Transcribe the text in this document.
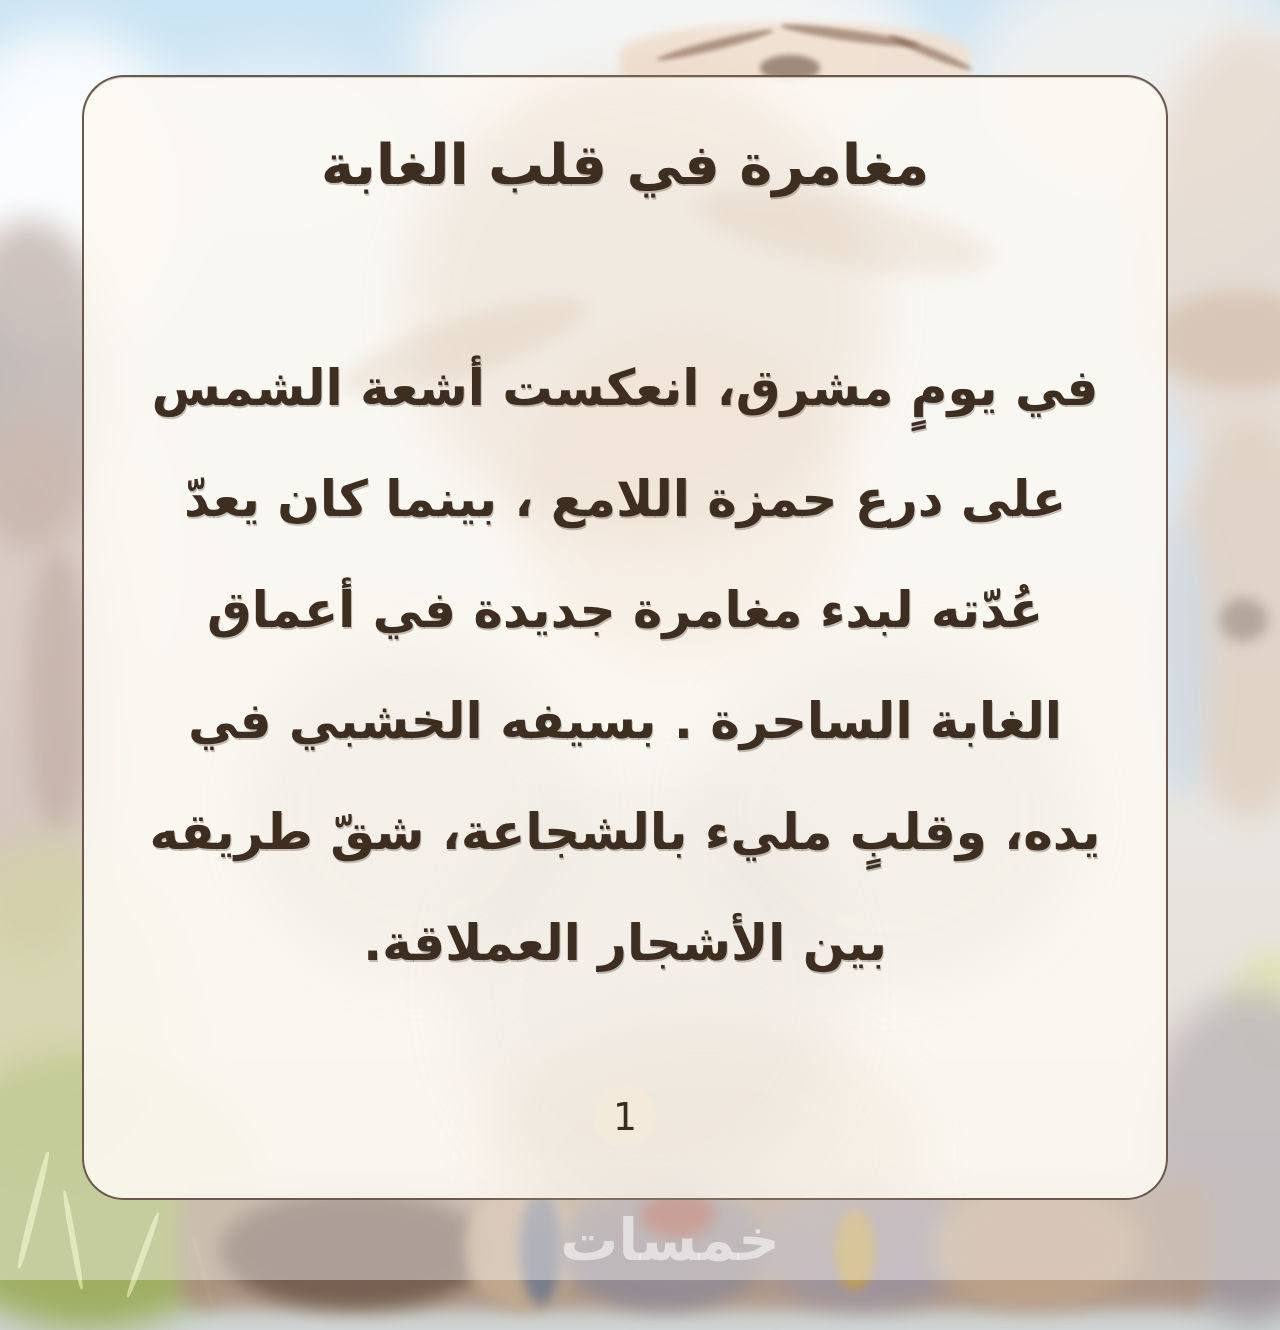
مغامرة في قلب الغابة
في يومٍ مشرق، انعكست أشعة الشمس
على درع حمزة اللامع ، بينما كان يعدّ
عُدّته لبدء مغامرة جديدة في أعماق
الغابة الساحرة . بسيفه الخشبي في
يده، وقلبٍ مليء بالشجاعة، شقّ طريقه
بين الأشجار العملاقة.
1
خمسات
